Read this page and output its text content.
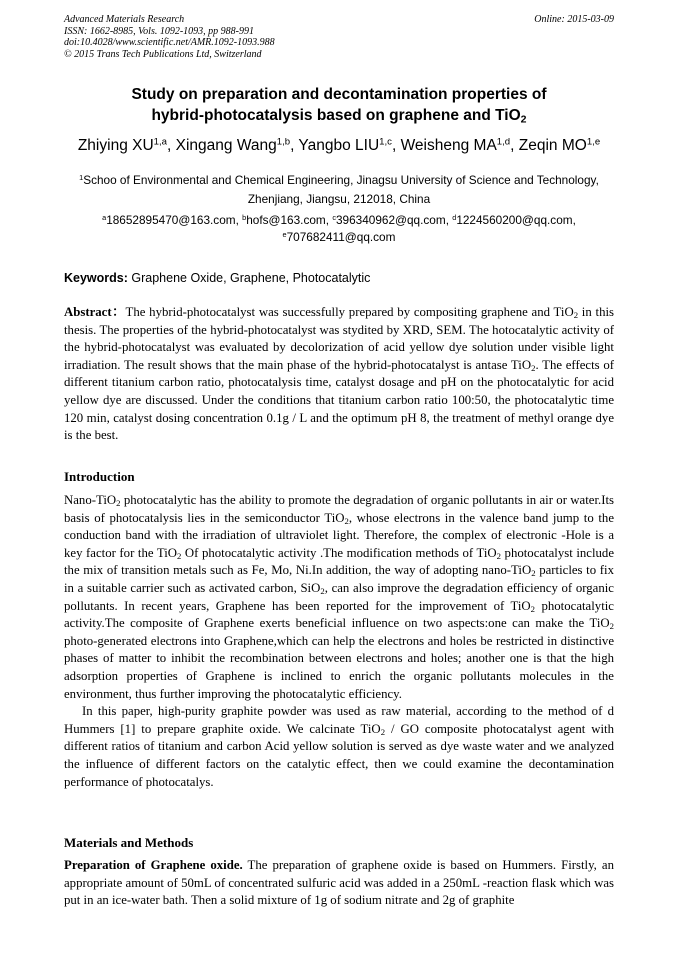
Advanced Materials Research
ISSN: 1662-8985, Vols. 1092-1093, pp 988-991
doi:10.4028/www.scientific.net/AMR.1092-1093.988
© 2015 Trans Tech Publications Ltd, Switzerland
Online: 2015-03-09
Study on preparation and decontamination properties of
hybrid-photocatalysis based on graphene and TiO$_2$
Zhiying XU$^{1,a}$, Xingang Wang$^{1,b}$, Yangbo LIU$^{1,c}$, Weisheng MA$^{1,d}$, Zeqin MO$^{1,e}$
$^1$Schoo of Environmental and Chemical Engineering, Jinagsu University of Science and Technology, Zhenjiang, Jiangsu, 212018, China
$^a$18652895470@163.com, $^b$hofs@163.com, $^c$396340962@qq.com, $^d$1224560200@qq.com,
$^e$707682411@qq.com
Keywords: Graphene Oxide, Graphene, Photocatalytic

Abstract：The hybrid-photocatalyst was successfully prepared by compositing graphene and TiO$_2$ in this thesis. The properties of the hybrid-photocatalyst was stydited by XRD, SEM. The hotocatalytic activity of the hybrid-photocatalyst was evaluated by decolorization of acid yellow dye solution under visible light irradiation. The result shows that the main phase of the hybrid-photocatalyst is antase TiO$_2$. The effects of different titanium carbon ratio, photocatalysis time, catalyst dosage and pH on the photocatalytic for acid yellow dye are discussed. Under the conditions that titanium carbon ratio 100:50, the photocatalytic time 120 min, catalyst dosing concentration 0.1g / L and the optimum pH 8, the treatment of methyl orange dye is the best.

Introduction

Nano-TiO$_2$ photocatalytic has the ability to promote the degradation of organic pollutants in air or water.Its basis of photocatalysis lies in the semiconductor TiO$_2$, whose electrons in the valence band jump to the conduction band with the irradiation of ultraviolet light. Therefore, the complex of electronic -Hole is a key factor for the TiO$_2$ Of photocatalytic activity .The modification methods of TiO$_2$ photocatalyst include the mix of transition metals such as Fe, Mo, Ni.In addition, the way of adopting nano-TiO$_2$ particles to fix in a suitable carrier such as activated carbon, SiO$_2$, can also improve the degradation efficiency of organic pollutants. In recent years, Graphene has been reported for the improvement of TiO$_2$ photocatalytic activity.The composite of Graphene exerts beneficial influence on two aspects:one can make the TiO$_2$ photo-generated electrons into Graphene,which can help the electrons and holes be restricted in distinctive phases of matter to inhibit the recombination between electrons and holes; another one is that the high adsorption properties of Graphene is inclined to enrich the organic pollutants molecules in the environment, thus further improving the photocatalytic efficiency.

In this paper, high-purity graphite powder was used as raw material, according to the method of d Hummers [1] to prepare graphite oxide. We calcinate TiO$_2$ / GO composite photocatalyst agent with different ratios of titanium and carbon Acid yellow solution is served as dye waste water and we analyzed the influence of different factors on the catalytic effect, then we could examine the decontamination performance of photocatalys.

Materials and Methods

Preparation of Graphene oxide. The preparation of graphene oxide is based on Hummers. Firstly, an appropriate amount of 50mL of concentrated sulfuric acid was added in a 250mL -reaction flask which was put in an ice-water bath. Then a solid mixture of 1g of sodium nitrate and 2g of graphite
